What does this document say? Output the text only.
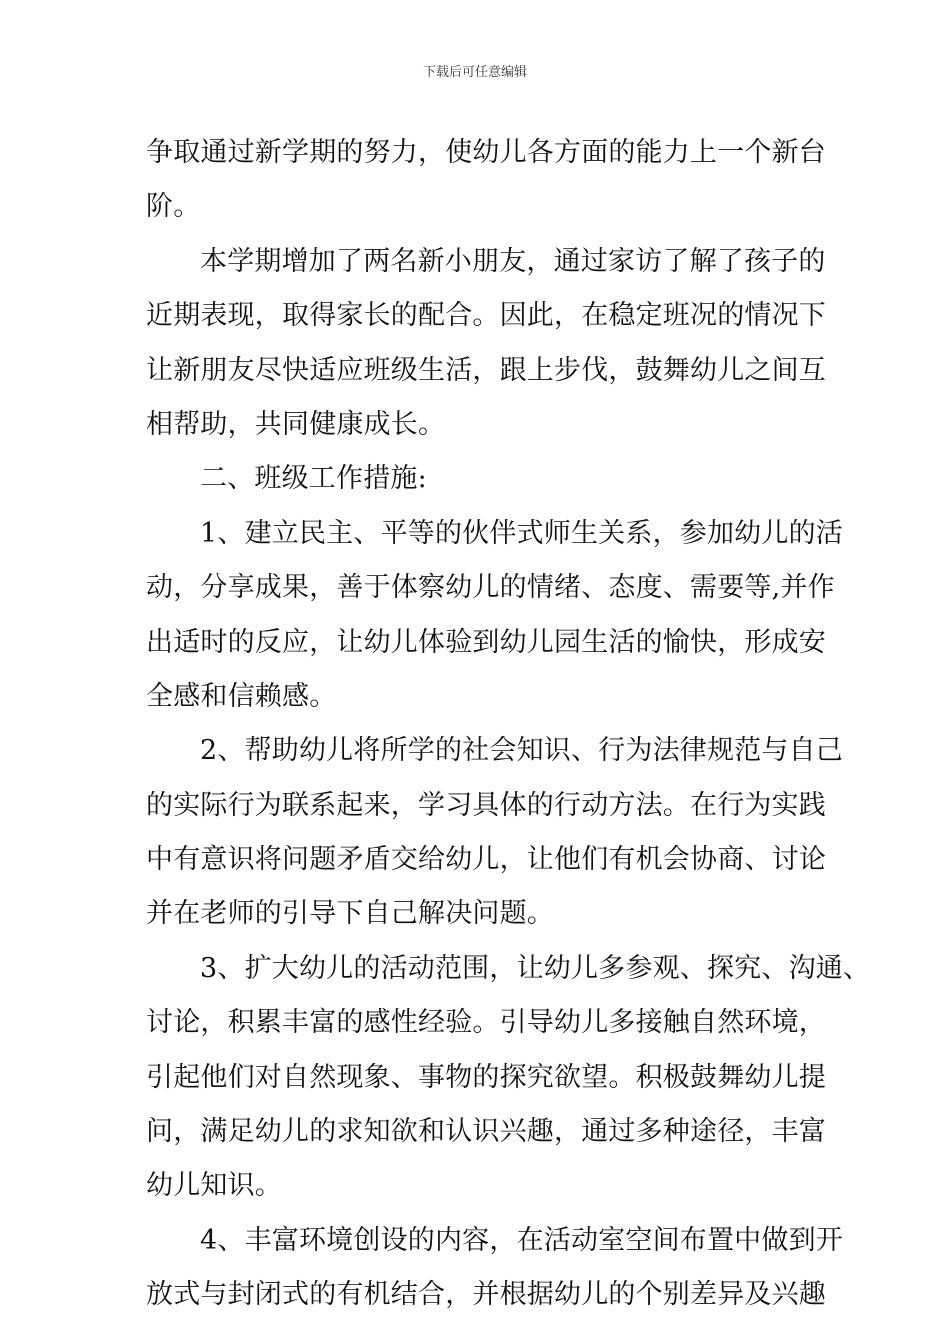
下载后可任意编辑
争取通过新学期的努力，使幼儿各方面的能力上一个新台
阶。
本学期增加了两名新小朋友，通过家访了解了孩子的
近期表现，取得家长的配合。因此，在稳定班况的情况下
让新朋友尽快适应班级生活，跟上步伐，鼓舞幼儿之间互
相帮助，共同健康成长。
二、班级工作措施:
1、建立民主、平等的伙伴式师生关系，参加幼儿的活
动，分享成果，善于体察幼儿的情绪、态度、需要等,并作
出适时的反应，让幼儿体验到幼儿园生活的愉快，形成安
全感和信赖感。
2、帮助幼儿将所学的社会知识、行为法律规范与自己
的实际行为联系起来，学习具体的行动方法。在行为实践
中有意识将问题矛盾交给幼儿，让他们有机会协商、讨论
并在老师的引导下自己解决问题。
3、扩大幼儿的活动范围，让幼儿多参观、探究、沟通、
讨论，积累丰富的感性经验。引导幼儿多接触自然环境，
引起他们对自然现象、事物的探究欲望。积极鼓舞幼儿提
问，满足幼儿的求知欲和认识兴趣，通过多种途径，丰富
幼儿知识。
4、丰富环境创设的内容，在活动室空间布置中做到开
放式与封闭式的有机结合，并根据幼儿的个别差异及兴趣
